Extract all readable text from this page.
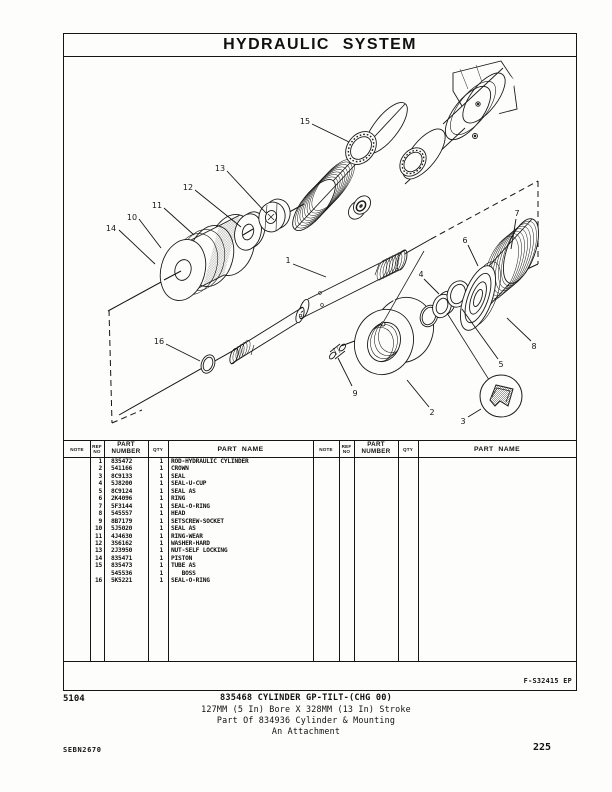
HYDRAULIC SYSTEM
1
2
3
4
5
6
7
8
9
10
11
12
13
14
15
16
NOTE REF
NO
PART
NUMBER	QTY	PART NAME	NOTE REF
NO
PART
NUMBER	QTY	PART NAME
1 835472	1 ROD-HYDRAULIC CYLINDER
2 541166	1 CROWN
3 8C9133	1 SEAL
4 5J8200	1 SEAL-U-CUP
5 8C9124	1 SEAL AS
6 2K4096	1 RING
7 5F3144	1 SEAL-O-RING
8 545557	1 HEAD
9 8B7179	1 SETSCREW-SOCKET
10 5J5020	1 SEAL AS
11 4J4630	1 RING-WEAR
12 3S6162	1 WASHER-HARD
13 2J3950	1 NUT-SELF LOCKING
14 835471	1 PISTON
15 835473	1 TUBE AS
545536	1 BOSS
16 5K5221	1 SEAL-O-RING
F-S32415 EP
5104	835468 CYLINDER GP-TILT-(CHG 00)
127MM (5 In) Bore X 328MM (13 In) Stroke
Part Of 834936 Cylinder & Mounting
An Attachment
SEBN2670	225
